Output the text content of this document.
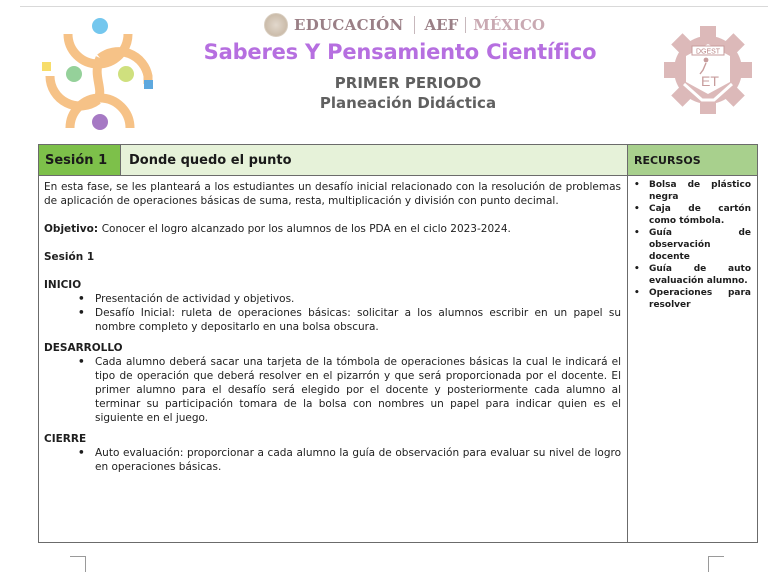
EDUCACIÓN AEF MÉXICO
Saberes Y Pensamiento Científico
PRIMER PERIODO
Planeación Didáctica
DGEST
ET
Sesión 1	Donde quedo el punto	RECURSOS

En esta fase, se les planteará a los estudiantes un desafío inicial relacionado con la resolución de problemas de aplicación de operaciones básicas de suma, resta, multiplicación y división con punto decimal.

Objetivo: Conocer el logro alcanzado por los alumnos de los PDA en el ciclo 2023-2024.

Sesión 1

INICIO

• Presentación de actividad y objetivos.
• Desafío Inicial: ruleta de operaciones básicas: solicitar a los alumnos escribir en un papel su nombre completo y depositarlo en una bolsa obscura.

DESARROLLO

• Cada alumno deberá sacar una tarjeta de la tómbola de operaciones básicas la cual le indicará el tipo de operación que deberá resolver en el pizarrón y que será proporcionada por el docente. El primer alumno para el desafío será elegido por el docente y posteriormente cada alumno al terminar su participación tomara de la bolsa con nombres un papel para indicar quien es el siguiente en el juego.

CIERRE

• Auto evaluación: proporcionar a cada alumno la guía de observación para evaluar su nivel de logro en operaciones básicas.
• Bolsa de plástico negra
• Caja de cartón como tómbola.
• Guía de observación docente
• Guía de auto evaluación alumno.
• Operaciones para resolver
